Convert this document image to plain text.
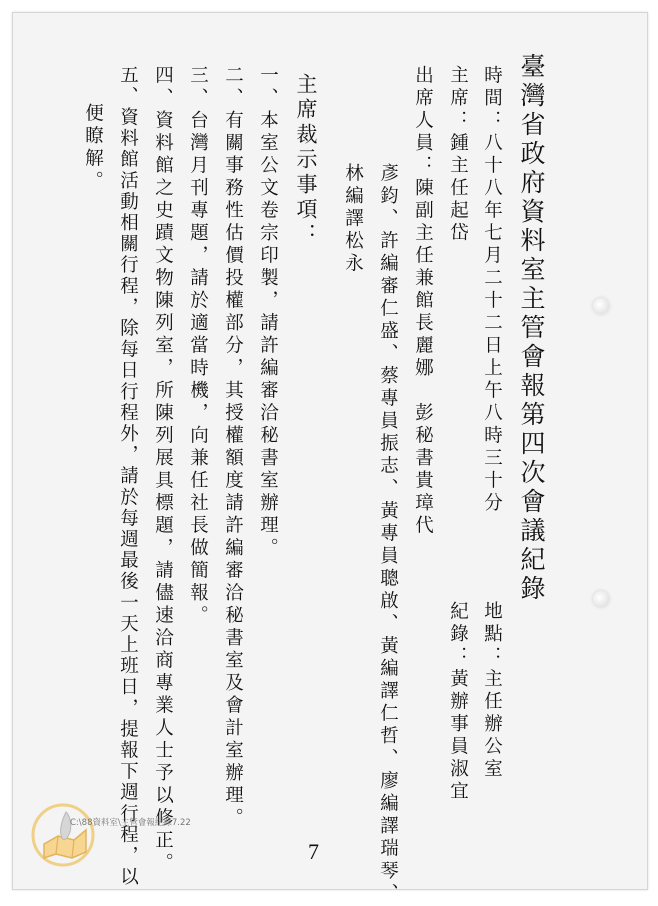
臺灣省政府資料室主管會報第四次會議紀錄
時間：八十八年七月二十二日上午八時三十分
地點：主任辦公室
主席：鍾主任起岱
紀錄：黃辦事員淑宜
出席人員：陳副主任兼館長麗娜　彭秘書貴璋代
彥鈞、許編審仁盛、蔡專員振志、黃專員聰啟、黃編譯仁哲、廖編譯瑞琴、
林編譯松永
主席裁示事項：
一、本室公文卷宗印製，請許編審洽秘書室辦理。
二、有關事務性估價投權部分，其授權額度請許編審洽秘書室及會計室辦理。
三、台灣月刊專題，請於適當時機，向兼任社長做簡報。
四、資料館之史蹟文物陳列室，所陳列展具標題，請儘速洽商專業人士予以修正。
五、資料館活動相關行程，除每日行程外，請於每週最後一天上班日，提報下週行程，以
便瞭解。
7
C:\88資料室\主管會報紀錄7.22
